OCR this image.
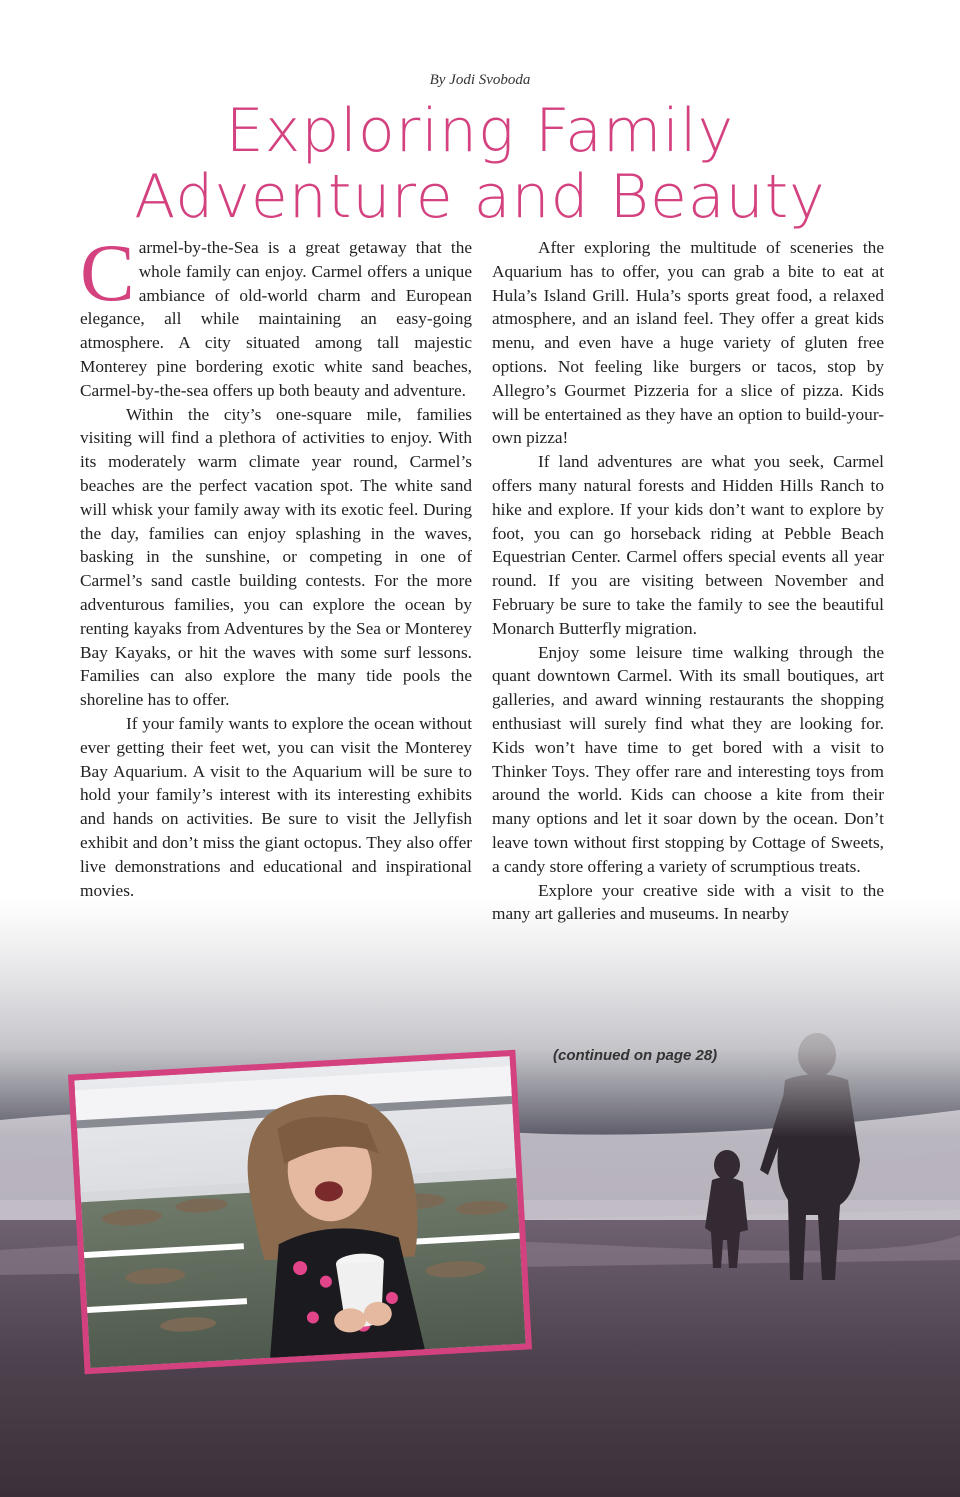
By Jodi Svoboda
Exploring Family
Adventure and Beauty

Carmel-by-the-Sea is a great getaway that the whole family can enjoy. Carmel offers a unique ambiance of old-world charm and European elegance, all while maintaining an easy-going atmosphere. A city situated among tall majestic Monterey pine bordering exotic white sand beaches, Carmel-by-the-sea offers up both beauty and adventure.

Within the city’s one-square mile, families visiting will find a plethora of activities to enjoy. With its moderately warm climate year round, Carmel’s beaches are the perfect vacation spot. The white sand will whisk your family away with its exotic feel. During the day, families can enjoy splashing in the waves, basking in the sunshine, or competing in one of Carmel’s sand castle building contests. For the more adventurous families, you can explore the ocean by renting kayaks from Adventures by the Sea or Monterey Bay Kayaks, or hit the waves with some surf lessons. Families can also explore the many tide pools the shoreline has to offer.

If your family wants to explore the ocean without ever getting their feet wet, you can visit the Monterey Bay Aquarium. A visit to the Aquarium will be sure to hold your family’s interest with its interesting exhibits and hands on activities. Be sure to visit the Jellyfish exhibit and don’t miss the giant octopus. They also offer live demonstrations and educational and inspirational movies.

After exploring the multitude of sceneries the Aquarium has to offer, you can grab a bite to eat at Hula’s Island Grill. Hula’s sports great food, a relaxed atmosphere, and an island feel. They offer a great kids menu, and even have a huge variety of gluten free options. Not feeling like burgers or tacos, stop by Allegro’s Gourmet Pizzeria for a slice of pizza. Kids will be entertained as they have an option to build-your-own pizza!

If land adventures are what you seek, Carmel offers many natural forests and Hidden Hills Ranch to hike and explore. If your kids don’t want to explore by foot, you can go horseback riding at Pebble Beach Equestrian Center. Carmel offers special events all year round. If you are visiting between November and February be sure to take the family to see the beautiful Monarch Butterfly migration.

Enjoy some leisure time walking through the quant downtown Carmel. With its small boutiques, art galleries, and award winning restaurants the shopping enthusiast will surely find what they are looking for. Kids won’t have time to get bored with a visit to Thinker Toys. They offer rare and interesting toys from around the world. Kids can choose a kite from their many options and let it soar down by the ocean. Don’t leave town without first stopping by Cottage of Sweets, a candy store offering a variety of scrumptious treats.

Explore your creative side with a visit to the many art galleries and museums. In nearby

(continued on page 28)
